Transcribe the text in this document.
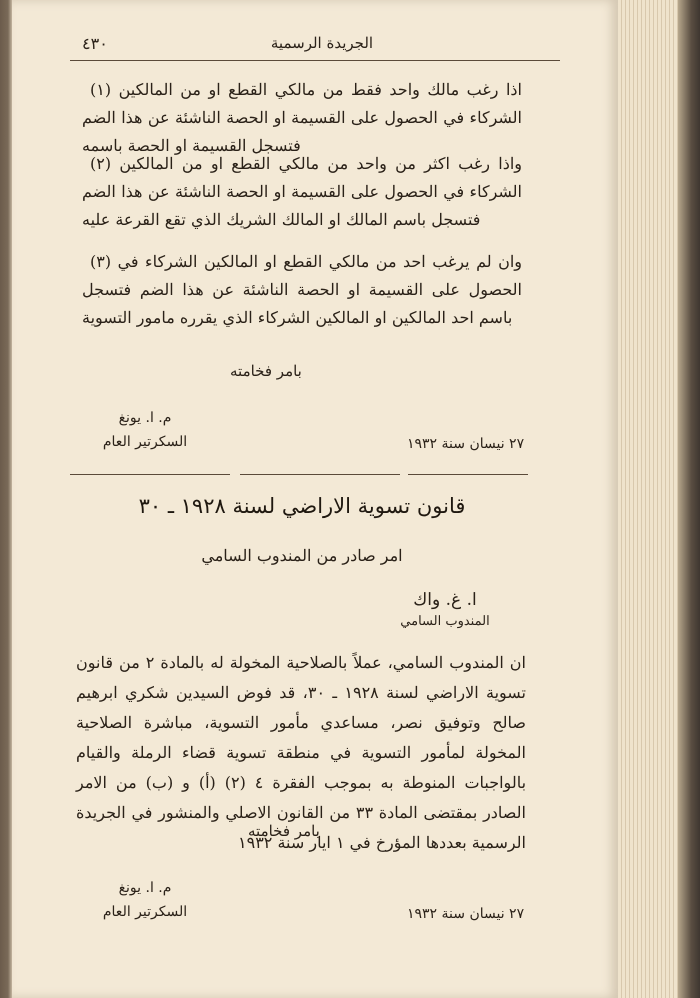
الجريدة الرسمية
٤٣٠
(١) اذا رغب مالك واحد فقط من مالكي القطع او من المالكين الشركاء في الحصول على القسيمة او الحصة الناشئة عن هذا الضم فتسجل القسيمة او الحصة باسمه
(٢) واذا رغب اكثر من واحد من مالكي القطع او من المالكين الشركاء في الحصول على القسيمة او الحصة الناشئة عن هذا الضم فتسجل باسم المالك او المالك الشريك الذي تقع القرعة عليه
(٣) وان لم يرغب احد من مالكي القطع او المالكين الشركاء في الحصول على القسيمة او الحصة الناشئة عن هذا الضم فتسجل باسم احد المالكين او المالكين الشركاء الذي يقرره مامور التسوية
بامر فخامته
م. ا. يونغ
السكرتير العام	٢٧ نيسان سنة ١٩٣٢
قانون تسوية الاراضي لسنة ١٩٢٨ ـ ٣٠
امر صادر من المندوب السامي
ا. غ. واك
المندوب السامي
ان المندوب السامي، عملاً بالصلاحية المخولة له بالمادة ٢ من قانون تسوية الاراضي لسنة ١٩٢٨ ـ ٣٠، قد فوض السيدين شكري ابرهيم صالح وتوفيق نصر، مساعدي مأمور التسوية، مباشرة الصلاحية المخولة لمأمور التسوية في منطقة تسوية قضاء الرملة والقيام بالواجبات المنوطة به بموجب الفقرة ٤ (٢) (أ) و (ب) من الامر الصادر بمقتضى المادة ٣٣ من القانون الاصلي والمنشور في الجريدة الرسمية بعددها المؤرخ في ١ ايار سنة ١٩٣٢
بامر فخامته
م. ا. يونغ
السكرتير العام	٢٧ نيسان سنة ١٩٣٢
